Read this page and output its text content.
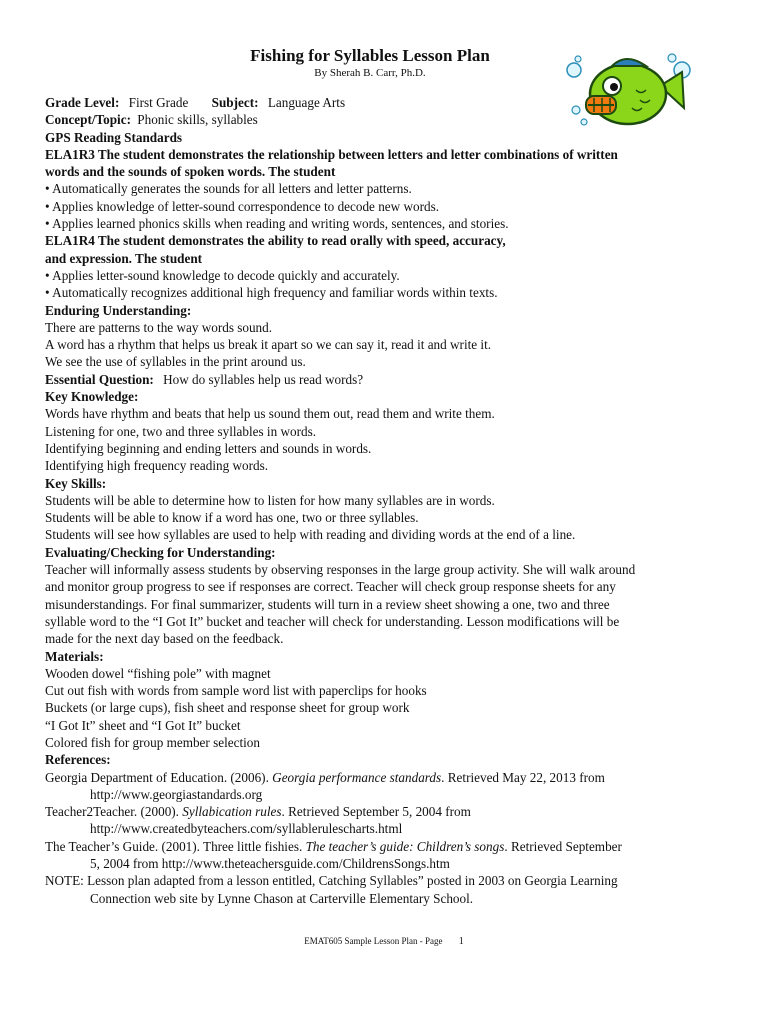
Fishing for Syllables Lesson Plan
By Sherah B. Carr, Ph.D.
Grade Level: First Grade Subject: Language Arts
Concept/Topic: Phonic skills, syllables
GPS Reading Standards
ELA1R3 The student demonstrates the relationship between letters and letter combinations of written
words and the sounds of spoken words. The student
• Automatically generates the sounds for all letters and letter patterns.
• Applies knowledge of letter-sound correspondence to decode new words.
• Applies learned phonics skills when reading and writing words, sentences, and stories.
ELA1R4 The student demonstrates the ability to read orally with speed, accuracy,
and expression. The student
• Applies letter-sound knowledge to decode quickly and accurately.
• Automatically recognizes additional high frequency and familiar words within texts.
Enduring Understanding:
There are patterns to the way words sound.
A word has a rhythm that helps us break it apart so we can say it, read it and write it.
We see the use of syllables in the print around us.
Essential Question: How do syllables help us read words?
Key Knowledge:
Words have rhythm and beats that help us sound them out, read them and write them.
Listening for one, two and three syllables in words.
Identifying beginning and ending letters and sounds in words.
Identifying high frequency reading words.
Key Skills:
Students will be able to determine how to listen for how many syllables are in words.
Students will be able to know if a word has one, two or three syllables.
Students will see how syllables are used to help with reading and dividing words at the end of a line.
Evaluating/Checking for Understanding:
Teacher will informally assess students by observing responses in the large group activity. She will walk around
and monitor group progress to see if responses are correct. Teacher will check group response sheets for any
misunderstandings. For final summarizer, students will turn in a review sheet showing a one, two and three
syllable word to the “I Got It” bucket and teacher will check for understanding. Lesson modifications will be
made for the next day based on the feedback.
Materials:
Wooden dowel “fishing pole” with magnet
Cut out fish with words from sample word list with paperclips for hooks
Buckets (or large cups), fish sheet and response sheet for group work
“I Got It” sheet and “I Got It” bucket
Colored fish for group member selection
References:
Georgia Department of Education. (2006). Georgia performance standards. Retrieved May 22, 2013 from
http://www.georgiastandards.org
Teacher2Teacher. (2000). Syllabication rules. Retrieved September 5, 2004 from
http://www.createdbyteachers.com/syllablerulescharts.html
The Teacher’s Guide. (2001). Three little fishies. The teacher’s guide: Children’s songs. Retrieved September
5, 2004 from http://www.theteachersguide.com/ChildrensSongs.htm
NOTE: Lesson plan adapted from a lesson entitled, Catching Syllables” posted in 2003 on Georgia Learning
Connection web site by Lynne Chason at Carterville Elementary School.
EMAT605 Sample Lesson Plan - Page 1
